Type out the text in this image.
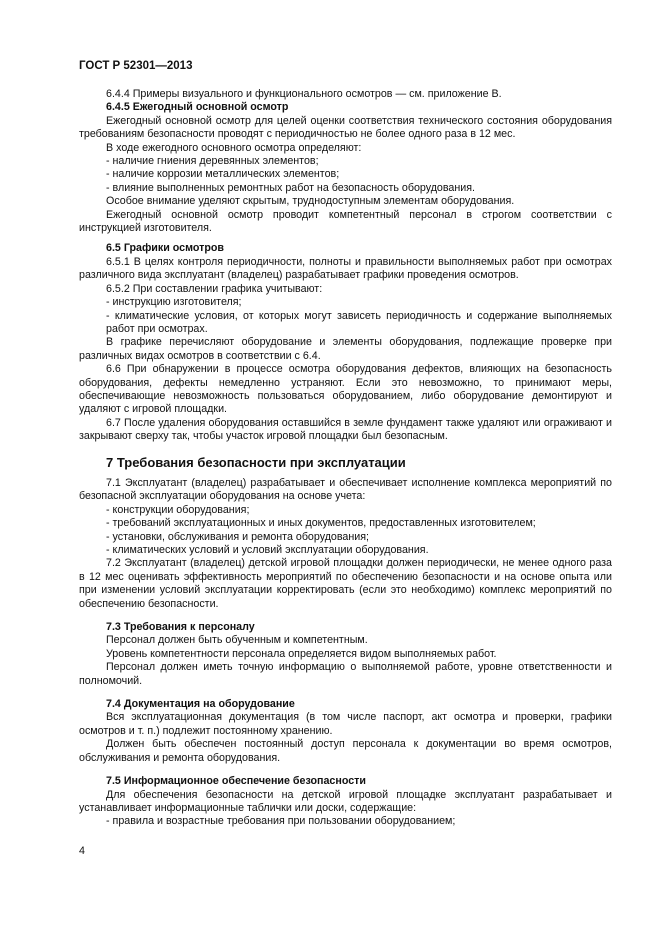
ГОСТ Р 52301—2013

6.4.4 Примеры визуального и функционального осмотров — см. приложение В.

6.4.5 Ежегодный основной осмотр

Ежегодный основной осмотр для целей оценки соответствия технического состояния оборудования требованиям безопасности проводят с периодичностью не более одного раза в 12 мес.

В ходе ежегодного основного осмотра определяют:

- наличие гниения деревянных элементов;

- наличие коррозии металлических элементов;

- влияние выполненных ремонтных работ на безопасность оборудования.

Особое внимание уделяют скрытым, труднодоступным элементам оборудования.

Ежегодный основной осмотр проводит компетентный персонал в строгом соответствии с инструкцией изготовителя.

6.5 Графики осмотров

6.5.1 В целях контроля периодичности, полноты и правильности выполняемых работ при осмотрах различного вида эксплуатант (владелец) разрабатывает графики проведения осмотров.

6.5.2 При составлении графика учитывают:

- инструкцию изготовителя;

- климатические условия, от которых могут зависеть периодичность и содержание выполняемых работ при осмотрах.

В графике перечисляют оборудование и элементы оборудования, подлежащие проверке при различных видах осмотров в соответствии с 6.4.

6.6 При обнаружении в процессе осмотра оборудования дефектов, влияющих на безопасность оборудования, дефекты немедленно устраняют. Если это невозможно, то принимают меры, обеспечивающие невозможность пользоваться оборудованием, либо оборудование демонтируют и удаляют с игровой площадки.

6.7 После удаления оборудования оставшийся в земле фундамент также удаляют или ограживают и закрывают сверху так, чтобы участок игровой площадки был безопасным.

7 Требования безопасности при эксплуатации

7.1 Эксплуатант (владелец) разрабатывает и обеспечивает исполнение комплекса мероприятий по безопасной эксплуатации оборудования на основе учета:

- конструкции оборудования;

- требований эксплуатационных и иных документов, предоставленных изготовителем;

- установки, обслуживания и ремонта оборудования;

- климатических условий и условий эксплуатации оборудования.

7.2 Эксплуатант (владелец) детской игровой площадки должен периодически, не менее одного раза в 12 мес оценивать эффективность мероприятий по обеспечению безопасности и на основе опыта или при изменении условий эксплуатации корректировать (если это необходимо) комплекс мероприятий по обеспечению безопасности.

7.3 Требования к персоналу

Персонал должен быть обученным и компетентным.

Уровень компетентности персонала определяется видом выполняемых работ.

Персонал должен иметь точную информацию о выполняемой работе, уровне ответственности и полномочий.

7.4 Документация на оборудование

Вся эксплуатационная документация (в том числе паспорт, акт осмотра и проверки, графики осмотров и т. п.) подлежит постоянному хранению.

Должен быть обеспечен постоянный доступ персонала к документации во время осмотров, обслуживания и ремонта оборудования.

7.5 Информационное обеспечение безопасности

Для обеспечения безопасности на детской игровой площадке эксплуатант разрабатывает и устанавливает информационные таблички или доски, содержащие:

- правила и возрастные требования при пользовании оборудованием;

4
